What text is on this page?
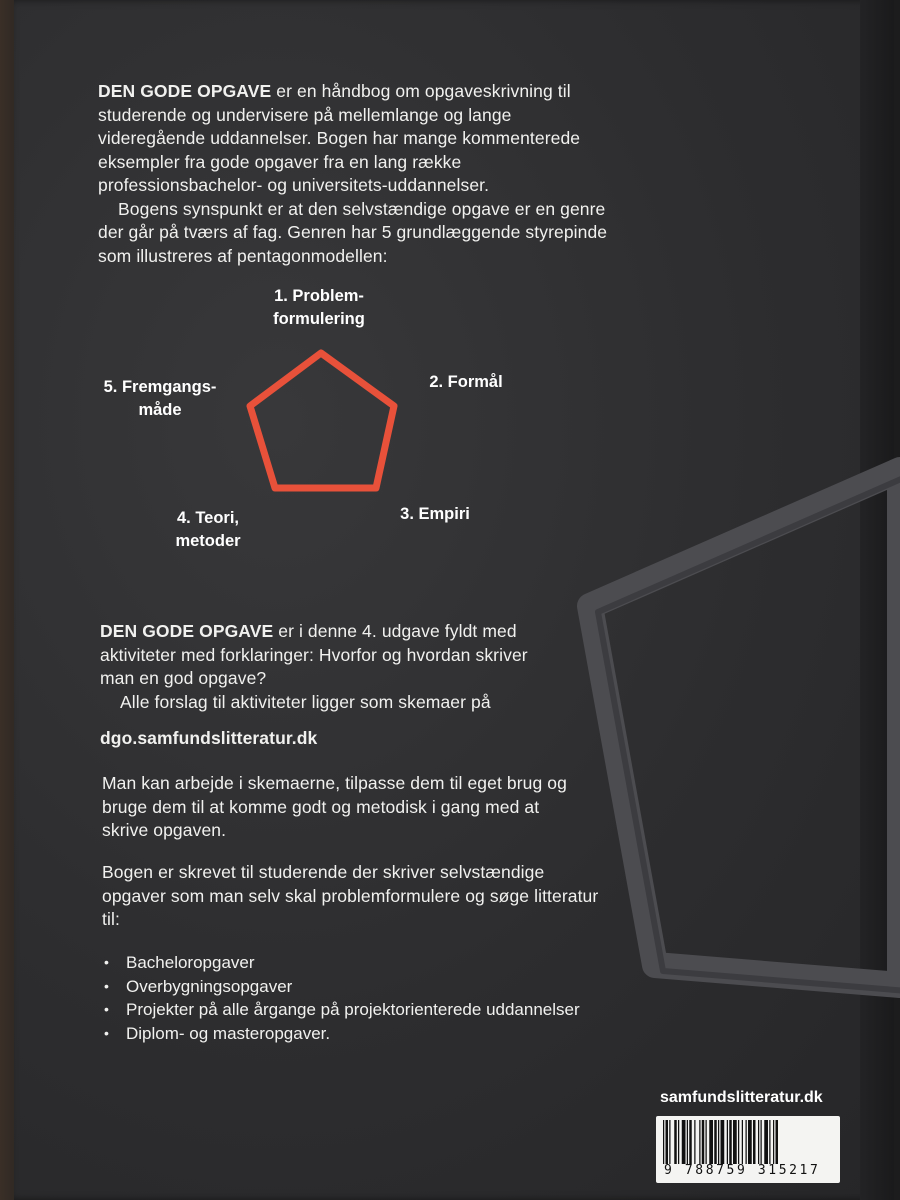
DEN GODE OPGAVE er en håndbog om opgaveskrivning til studerende og undervisere på mellemlange og lange videregående uddannelser. Bogen har mange kommenterede eksempler fra gode opgaver fra en lang række professionsbachelor- og universitets-uddannelser.

Bogens synspunkt er at den selvstændige opgave er en genre der går på tværs af fag. Genren har 5 grundlæggende styrepinde som illustreres af pentagonmodellen:

1. Problem-
formulering
2. Formål
3. Empiri
4. Teori,
metoder
5. Fremgangs-
måde

DEN GODE OPGAVE er i denne 4. udgave fyldt med aktiviteter med forklaringer: Hvorfor og hvordan skriver man en god opgave?

Alle forslag til aktiviteter ligger som skemaer på

dgo.samfundslitteratur.dk
Man kan arbejde i skemaerne, tilpasse dem til eget brug og bruge dem til at komme godt og metodisk i gang med at skrive opgaven.
Bogen er skrevet til studerende der skriver selvstændige opgaver som man selv skal problemformulere og søge litteratur til:
• Bacheloropgaver
• Overbygningsopgaver
• Projekter på alle årgange på projektorienterede uddannelser
• Diplom- og masteropgaver.
samfundslitteratur.dk
9 788759 315217
